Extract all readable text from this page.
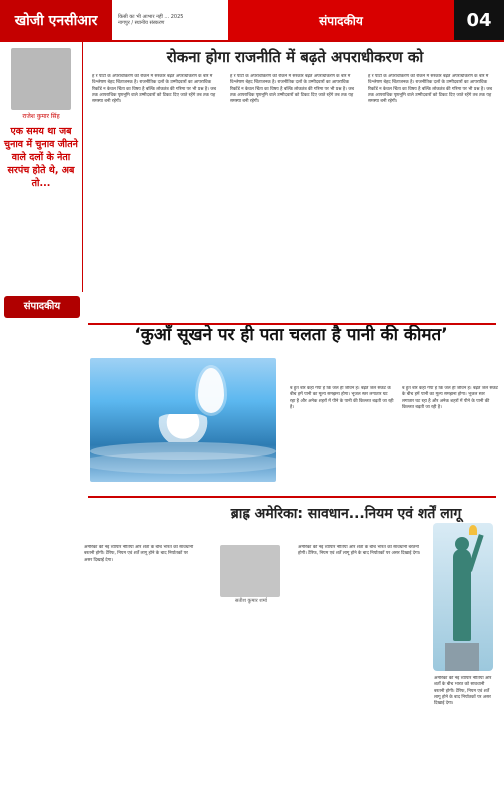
खोजी एनसीआर	किसी का भी आभार नहीं ... 2025
नागपुर / स्थानीय संस्करण	संपादकीय	04
राजेश कुमार सिंह
एक समय था जब चुनाव में चुनाव जीतने वाले दलों के नेता सरपंच होते थे, अब तो...
रोकना होगा राजनीति में बढ़ते अपराधीकरण को
ह र पार्टी के अपराधीकरण को रोकने में सरकार बढ़ते अपराधीकरण के बारे में विश्लेषण बेहद चिंताजनक है। राजनीतिक दलों के उम्मीदवारों का आपराधिक रिकॉर्ड न केवल चिंता का विषय है बल्कि लोकतंत्र की गरिमा पर भी प्रश्न है। जब तक आपराधिक पृष्ठभूमि वाले उम्मीदवारों को टिकट दिए जाते रहेंगे तब तक यह समस्या बनी रहेगी।
ह र पार्टी के अपराधीकरण को रोकने में सरकार बढ़ते अपराधीकरण के बारे में विश्लेषण बेहद चिंताजनक है। राजनीतिक दलों के उम्मीदवारों का आपराधिक रिकॉर्ड न केवल चिंता का विषय है बल्कि लोकतंत्र की गरिमा पर भी प्रश्न है। जब तक आपराधिक पृष्ठभूमि वाले उम्मीदवारों को टिकट दिए जाते रहेंगे तब तक यह समस्या बनी रहेगी।
ह र पार्टी के अपराधीकरण को रोकने में सरकार बढ़ते अपराधीकरण के बारे में विश्लेषण बेहद चिंताजनक है। राजनीतिक दलों के उम्मीदवारों का आपराधिक रिकॉर्ड न केवल चिंता का विषय है बल्कि लोकतंत्र की गरिमा पर भी प्रश्न है। जब तक आपराधिक पृष्ठभूमि वाले उम्मीदवारों को टिकट दिए जाते रहेंगे तब तक यह समस्या बनी रहेगी।
संपादकीय
‘कुआँ सूखने पर ही पता चलता है पानी की कीमत’
ब हुत बार कहा गया है कि जल ही जीवन है। बढ़ते जल संकट के बीच हमें पानी का मूल्य समझना होगा। भूजल स्तर लगातार घट रहा है और अनेक शहरों में पीने के पानी की किल्लत बढ़ती जा रही है।
ब हुत बार कहा गया है कि जल ही जीवन है। बढ़ते जल संकट के बीच हमें पानी का मूल्य समझना होगा। भूजल स्तर लगातार घट रहा है और अनेक शहरों में पीने के पानी की किल्लत बढ़ती जा रही है।
ब्राह्र अमेरिका: सावधान...नियम एवं शर्तें लागू
सतीश कुमार शर्मा
अमेरिका की नई व्यापार नीतियों और शर्तों के बीच भारत को सावधानी बरतनी होगी। टैरिफ, नियम एवं शर्तें लागू होने के बाद निर्यातकों पर असर दिखाई देगा।
अमेरिका की नई व्यापार नीतियों और शर्तों के बीच भारत को सावधानी बरतनी होगी। टैरिफ, नियम एवं शर्तें लागू होने के बाद निर्यातकों पर असर दिखाई देगा।
अमेरिका की नई व्यापार नीतियों और शर्तों के बीच भारत को सावधानी बरतनी होगी। टैरिफ, नियम एवं शर्तें लागू होने के बाद निर्यातकों पर असर दिखाई देगा।
